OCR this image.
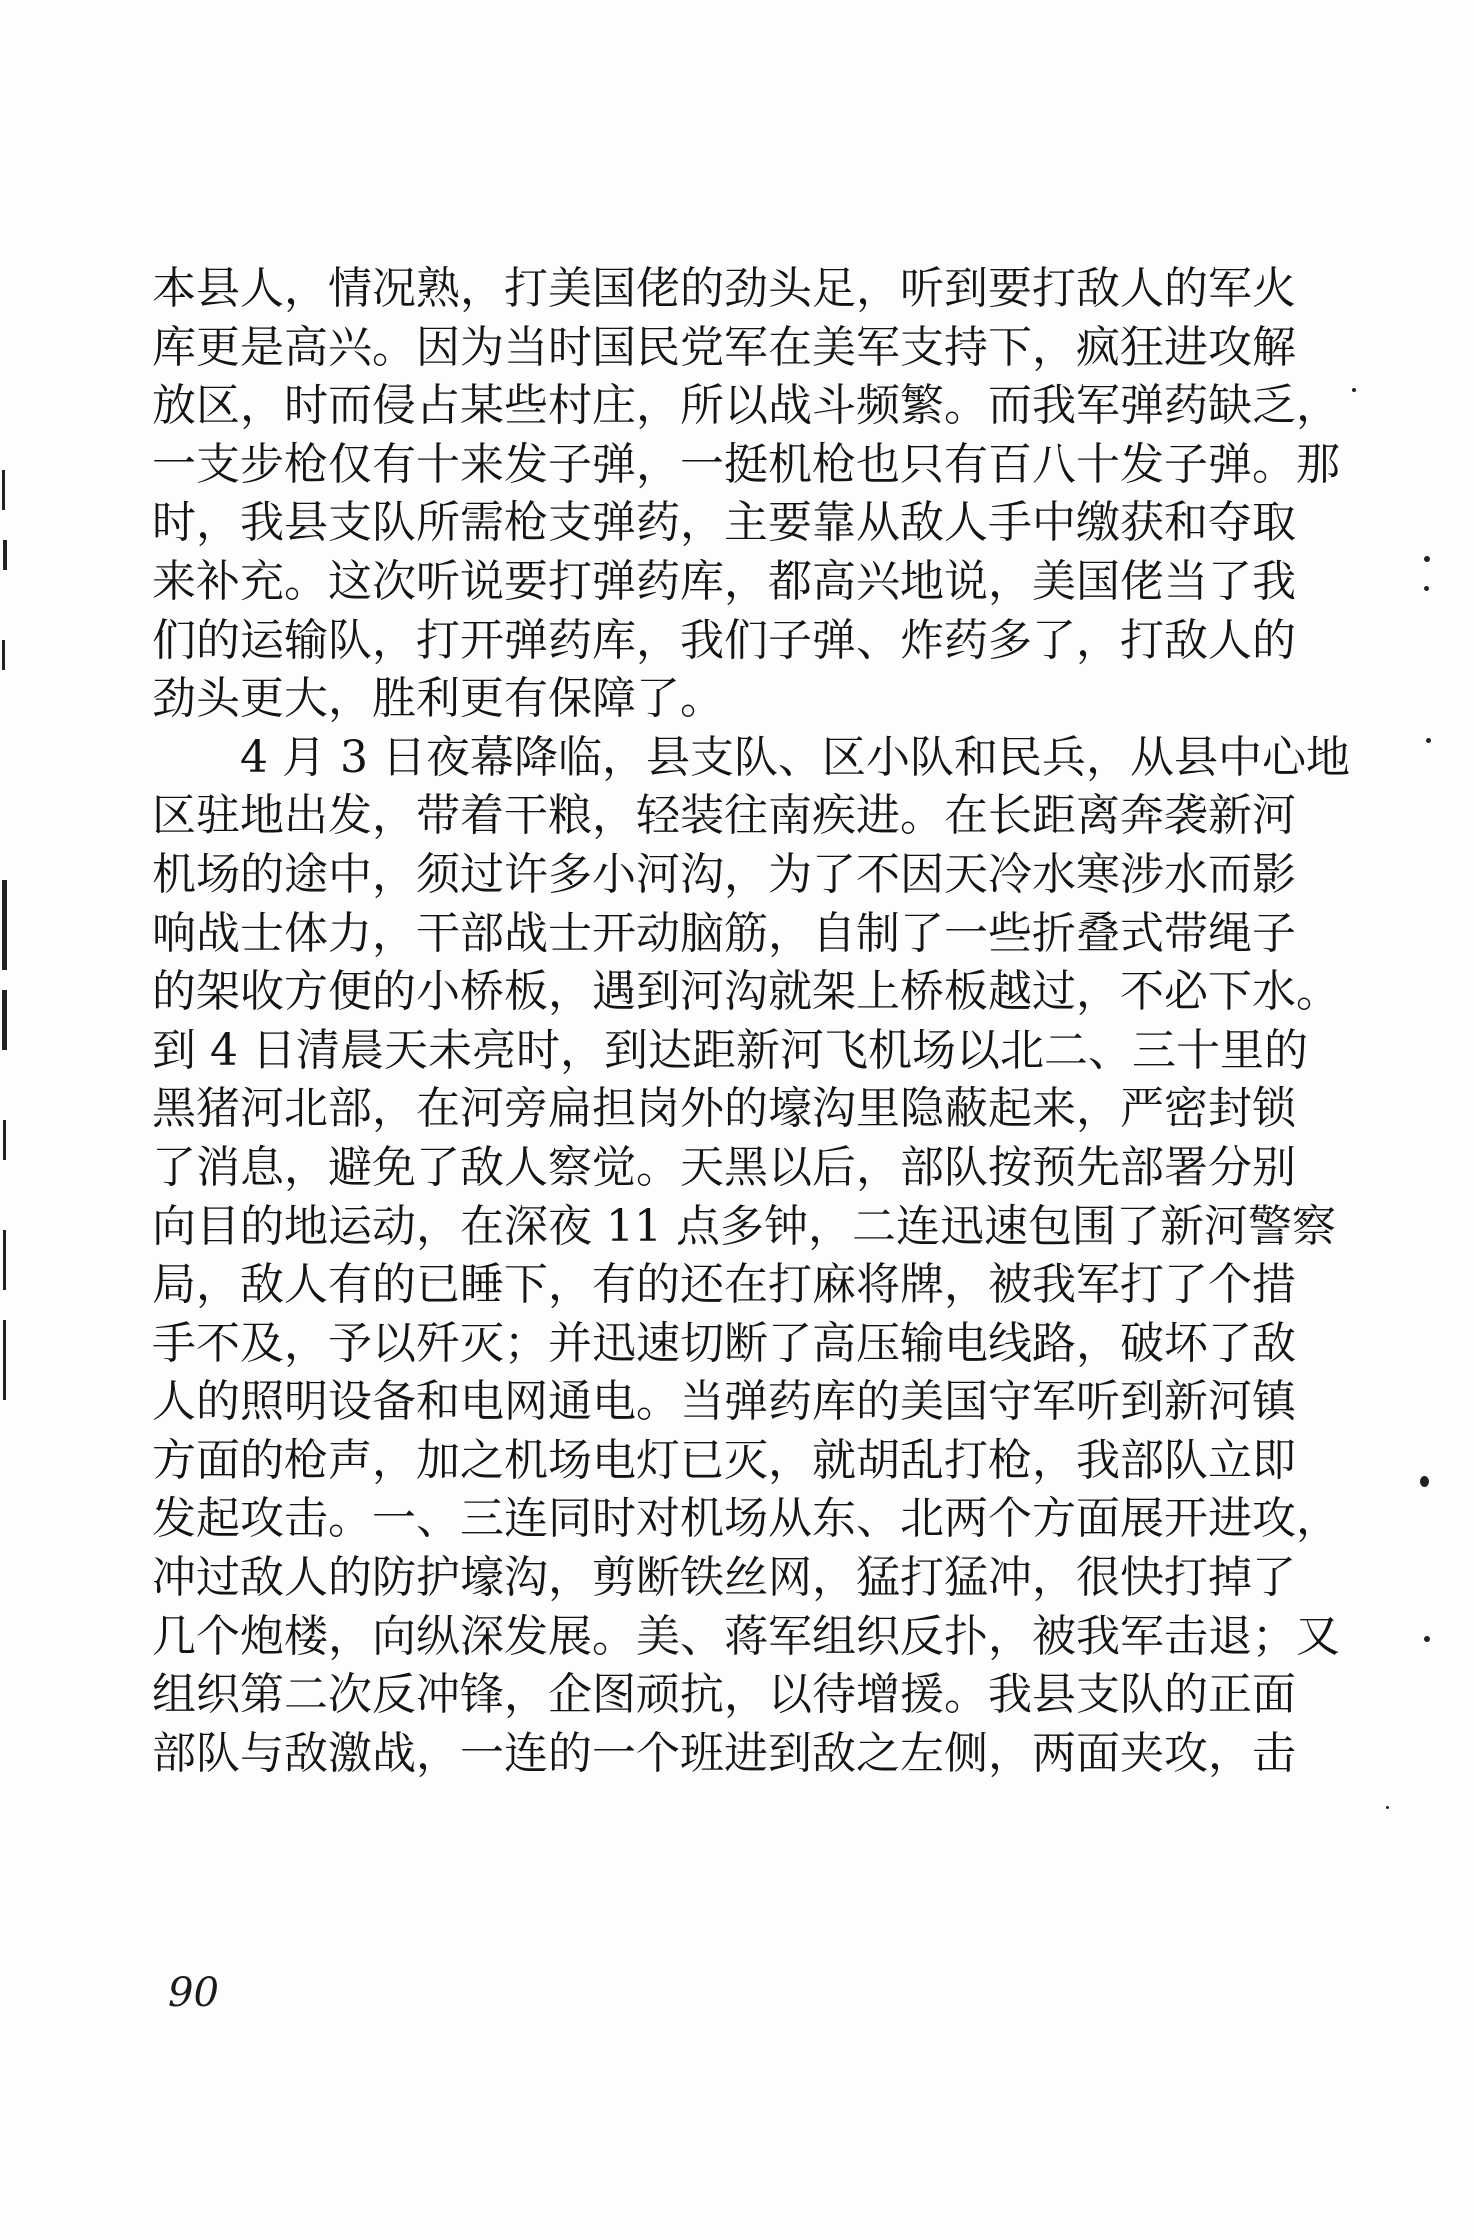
本县人，情况熟，打美国佬的劲头足，听到要打敌人的军火
库更是高兴。因为当时国民党军在美军支持下，疯狂进攻解
放区，时而侵占某些村庄，所以战斗频繁。而我军弹药缺乏，
一支步枪仅有十来发子弹，一挺机枪也只有百八十发子弹。那
时，我县支队所需枪支弹药，主要靠从敌人手中缴获和夺取
来补充。这次听说要打弹药库，都高兴地说，美国佬当了我
们的运输队，打开弹药库，我们子弹、炸药多了，打敌人的
劲头更大，胜利更有保障了。
4 月 3 日夜幕降临，县支队、区小队和民兵，从县中心地
区驻地出发，带着干粮，轻装往南疾进。在长距离奔袭新河
机场的途中，须过许多小河沟，为了不因天冷水寒涉水而影
响战士体力，干部战士开动脑筋，自制了一些折叠式带绳子
的架收方便的小桥板，遇到河沟就架上桥板越过，不必下水。
到 4 日清晨天未亮时，到达距新河飞机场以北二、三十里的
黑猪河北部，在河旁扁担岗外的壕沟里隐蔽起来，严密封锁
了消息，避免了敌人察觉。天黑以后，部队按预先部署分别
向目的地运动，在深夜 11 点多钟，二连迅速包围了新河警察
局，敌人有的已睡下，有的还在打麻将牌，被我军打了个措
手不及，予以歼灭；并迅速切断了高压输电线路，破坏了敌
人的照明设备和电网通电。当弹药库的美国守军听到新河镇
方面的枪声，加之机场电灯已灭，就胡乱打枪，我部队立即
发起攻击。一、三连同时对机场从东、北两个方面展开进攻，
冲过敌人的防护壕沟，剪断铁丝网，猛打猛冲，很快打掉了
几个炮楼，向纵深发展。美、蒋军组织反扑，被我军击退；又
组织第二次反冲锋，企图顽抗，以待增援。我县支队的正面
部队与敌激战，一连的一个班进到敌之左侧，两面夹攻，击
90
